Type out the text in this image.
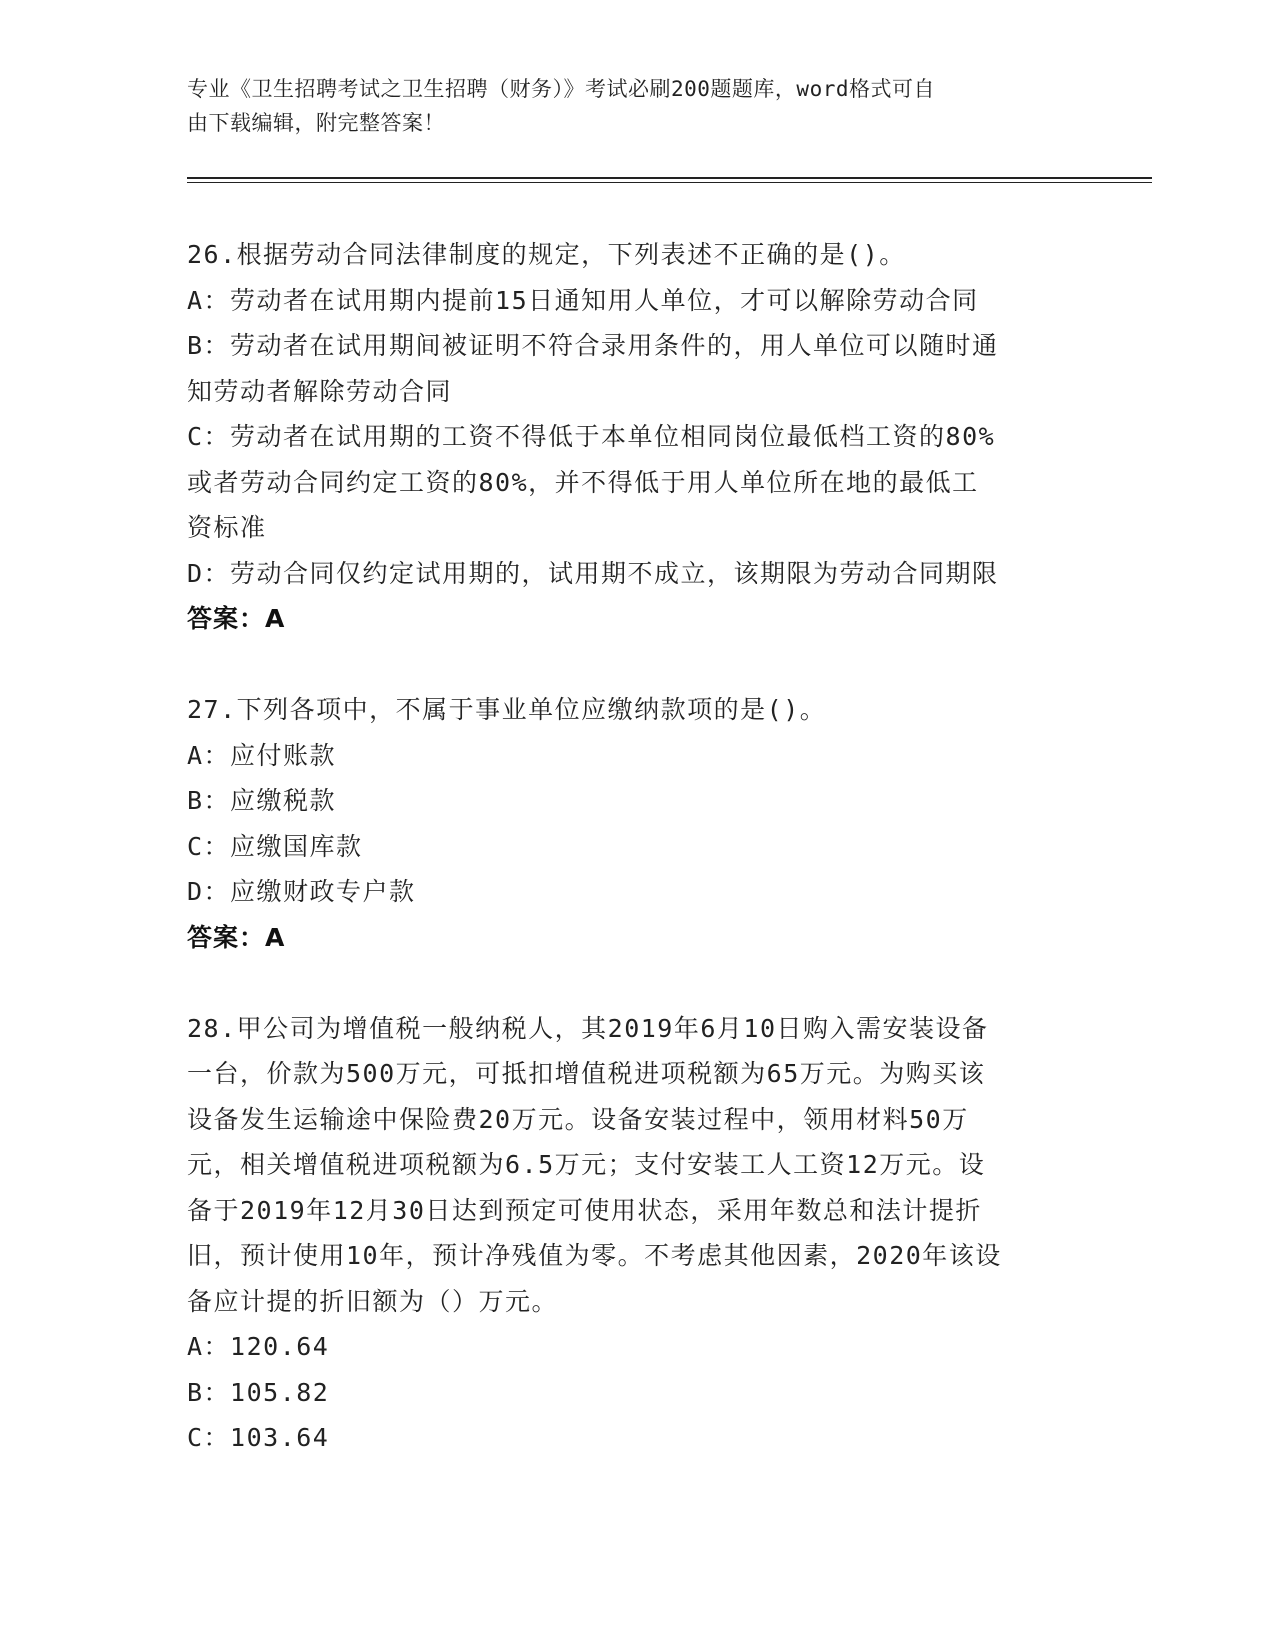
专业《卫生招聘考试之卫生招聘（财务）》考试必刷200题题库，word格式可自
由下载编辑，附完整答案！
26.根据劳动合同法律制度的规定，下列表述不正确的是()。
A：劳动者在试用期内提前15日通知用人单位，才可以解除劳动合同
B：劳动者在试用期间被证明不符合录用条件的，用人单位可以随时通
知劳动者解除劳动合同
C：劳动者在试用期的工资不得低于本单位相同岗位最低档工资的80%
或者劳动合同约定工资的80%，并不得低于用人单位所在地的最低工
资标准
D：劳动合同仅约定试用期的，试用期不成立，该期限为劳动合同期限
答案：A
27.下列各项中，不属于事业单位应缴纳款项的是()。
A：应付账款
B：应缴税款
C：应缴国库款
D：应缴财政专户款
答案：A
28.甲公司为增值税一般纳税人，其2019年6月10日购入需安装设备
一台，价款为500万元，可抵扣增值税进项税额为65万元。为购买该
设备发生运输途中保险费20万元。设备安装过程中，领用材料50万
元，相关增值税进项税额为6.5万元；支付安装工人工资12万元。设
备于2019年12月30日达到预定可使用状态，采用年数总和法计提折
旧，预计使用10年，预计净残值为零。不考虑其他因素，2020年该设
备应计提的折旧额为（）万元。
A：120.64
B：105.82
C：103.64
